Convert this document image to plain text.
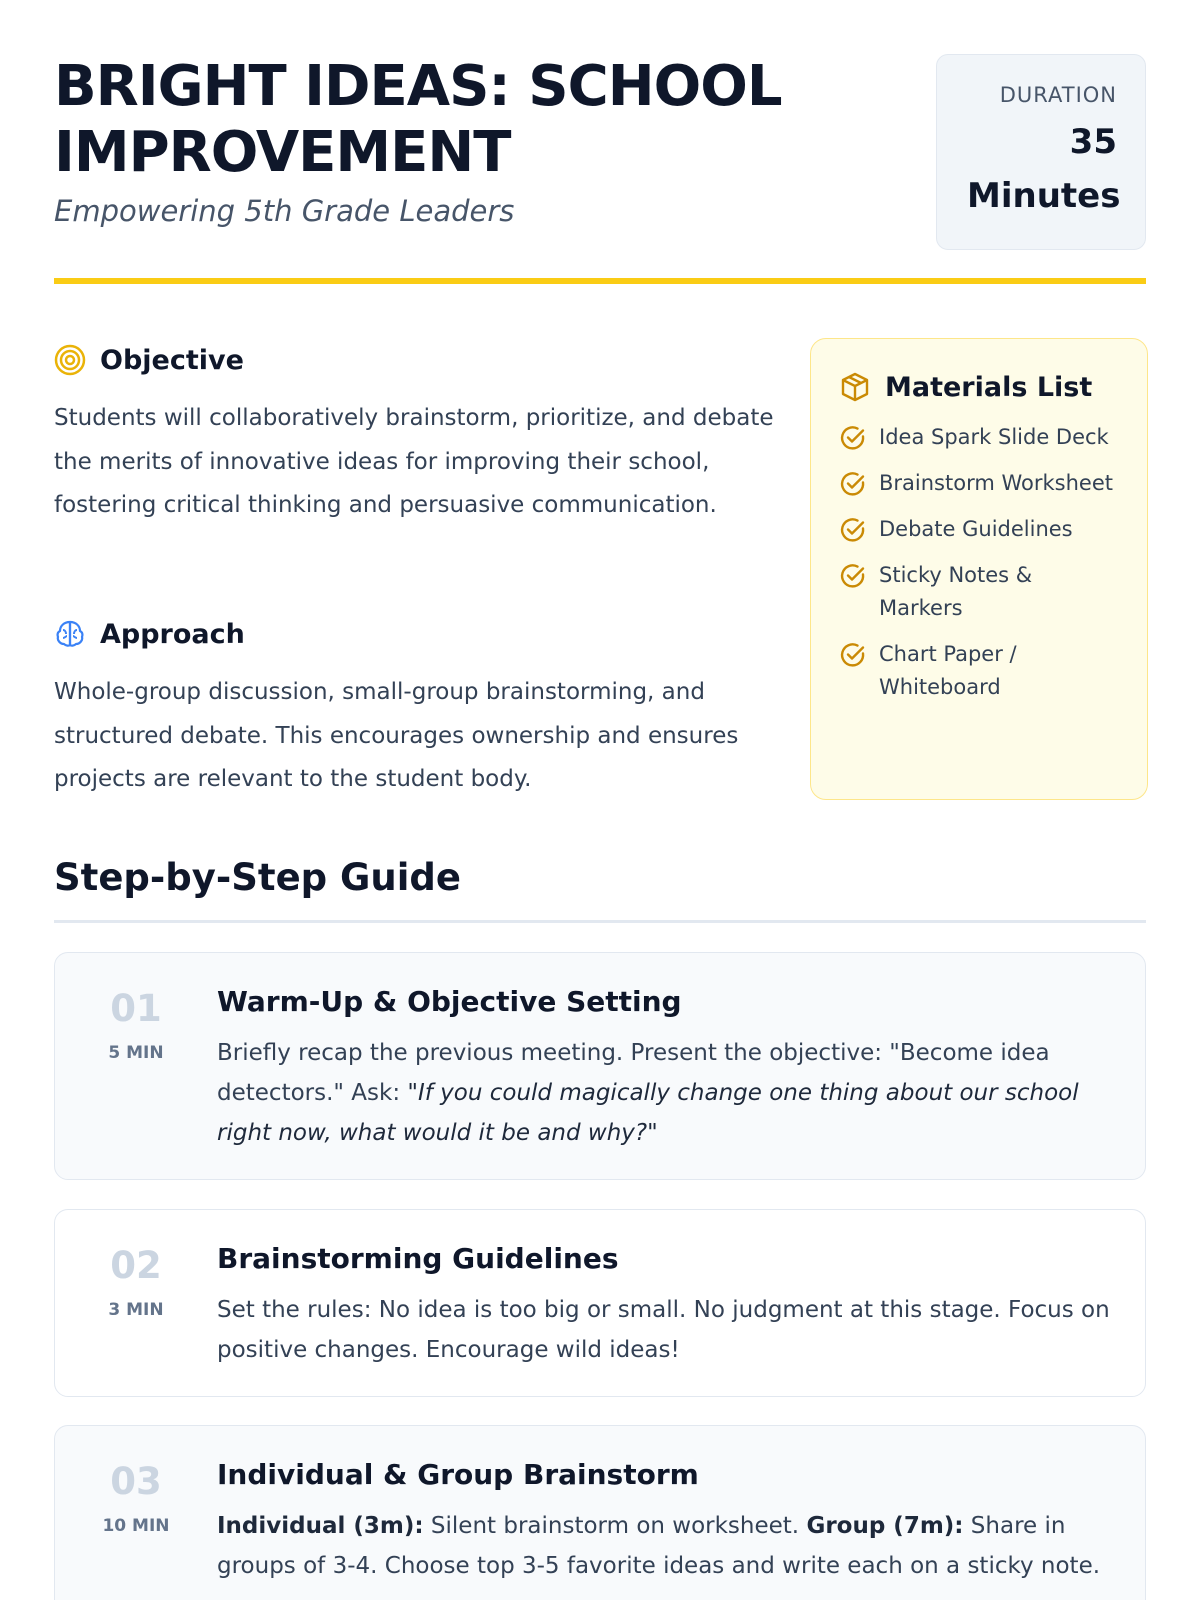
BRIGHT IDEAS: SCHOOL IMPROVEMENT
Empowering 5th Grade Leaders
DURATION
35 Minutes
Objective

Students will collaboratively brainstorm, prioritize, and debate the merits of innovative ideas for improving their school, fostering critical thinking and persuasive communication.

Approach

Whole-group discussion, small-group brainstorming, and structured debate. This encourages ownership and ensures projects are relevant to the student body.

Materials List
Idea Spark Slide Deck
Brainstorm Worksheet
Debate Guidelines
Sticky Notes & Markers
Chart Paper / Whiteboard
Step-by-Step Guide
01
5 MIN
Warm-Up & Objective Setting

Briefly recap the previous meeting. Present the objective: "Become idea detectors." Ask: "If you could magically change one thing about our school right now, what would it be and why?"

02
3 MIN
Brainstorming Guidelines

Set the rules: No idea is too big or small. No judgment at this stage. Focus on positive changes. Encourage wild ideas!

03
10 MIN
Individual & Group Brainstorm

Individual (3m): Silent brainstorm on worksheet. Group (7m): Share in groups of 3-4. Choose top 3-5 favorite ideas and write each on a sticky note.
